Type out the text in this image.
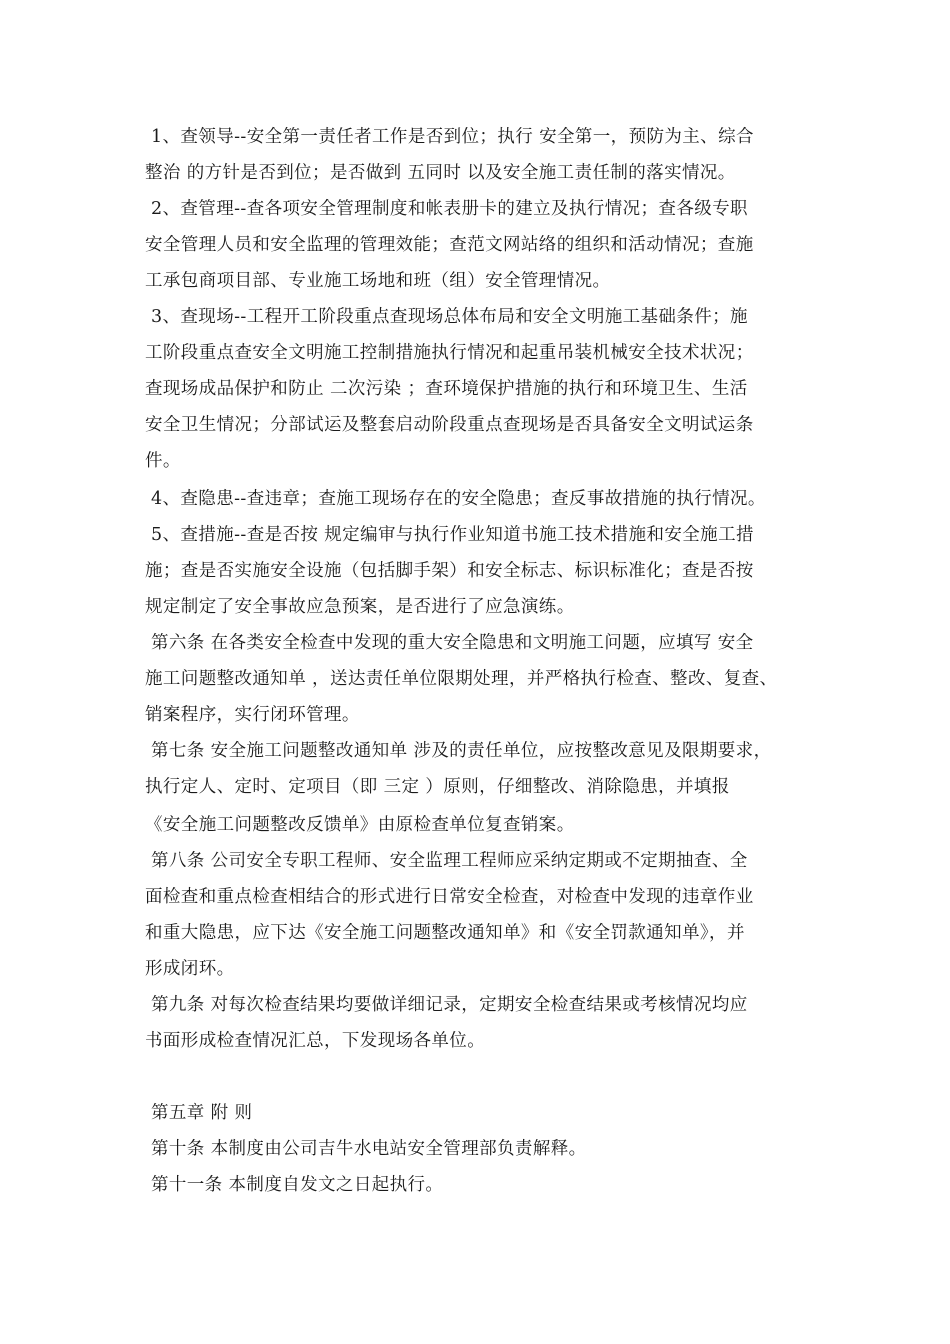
1、查领导--安全第一责任者工作是否到位；执行 安全第一，预防为主、综合
整治 的方针是否到位；是否做到 五同时 以及安全施工责任制的落实情况。
2、查管理--查各项安全管理制度和帐表册卡的建立及执行情况；查各级专职
安全管理人员和安全监理的管理效能；查范文网站络的组织和活动情况；查施
工承包商项目部、专业施工场地和班（组）安全管理情况。
3、查现场--工程开工阶段重点查现场总体布局和安全文明施工基础条件；施
工阶段重点查安全文明施工控制措施执行情况和起重吊装机械安全技术状况；
查现场成品保护和防止 二次污染 ；查环境保护措施的执行和环境卫生、生活
安全卫生情况；分部试运及整套启动阶段重点查现场是否具备安全文明试运条
件。
4、查隐患--查违章；查施工现场存在的安全隐患；查反事故措施的执行情况。
5、查措施--查是否按 规定编审与执行作业知道书施工技术措施和安全施工措
施；查是否实施安全设施（包括脚手架）和安全标志、标识标准化；查是否按
规定制定了安全事故应急预案，是否进行了应急演练。
第六条 在各类安全检查中发现的重大安全隐患和文明施工问题，应填写 安全
施工问题整改通知单 ，送达责任单位限期处理，并严格执行检查、整改、复查、
销案程序，实行闭环管理。
第七条 安全施工问题整改通知单 涉及的责任单位，应按整改意见及限期要求，
执行定人、定时、定项目（即 三定 ）原则，仔细整改、消除隐患，并填报
《安全施工问题整改反馈单》由原检查单位复查销案。
第八条 公司安全专职工程师、安全监理工程师应采纳定期或不定期抽查、全
面检查和重点检查相结合的形式进行日常安全检查，对检查中发现的违章作业
和重大隐患，应下达《安全施工问题整改通知单》和《安全罚款通知单》，并
形成闭环。
第九条 对每次检查结果均要做详细记录，定期安全检查结果或考核情况均应
书面形成检查情况汇总，下发现场各单位。
第五章 附 则
第十条 本制度由公司吉牛水电站安全管理部负责解释。
第十一条 本制度自发文之日起执行。
